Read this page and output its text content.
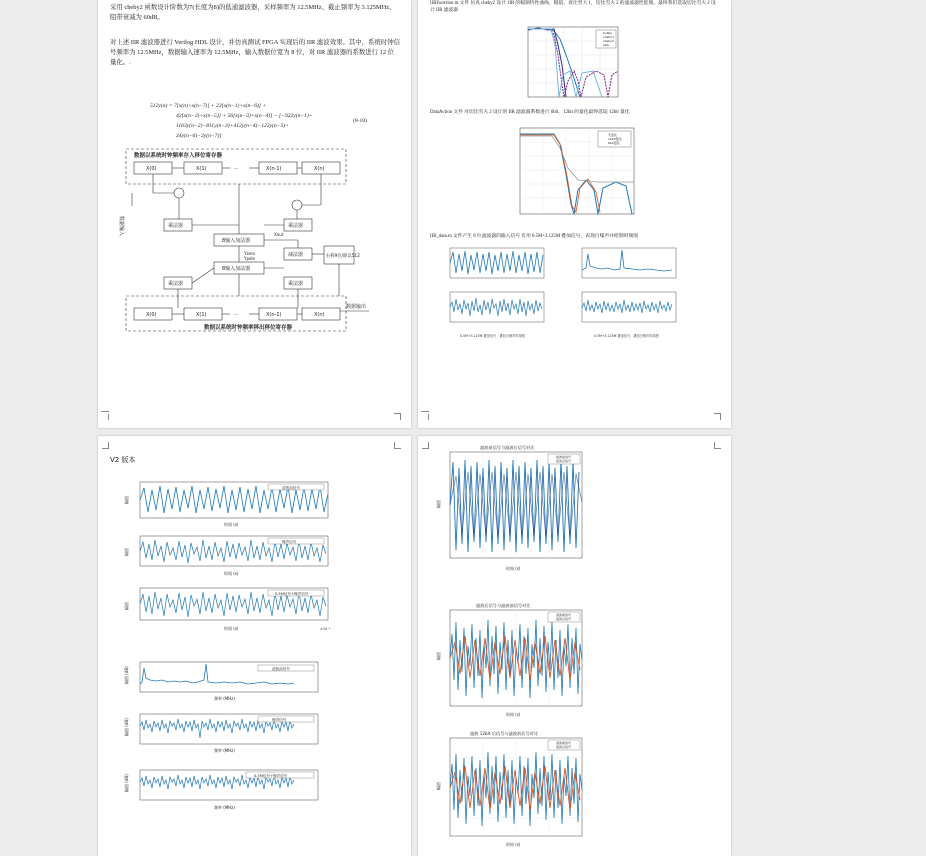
采用 cheby2 函数设计阶数为7(长度为8)的低通滤波器，采样频率为 12.5MHz、截止频率为 3.125MHz、阻带衰减为 60dB。
对上述 IIR 滤波器进行 Verilog HDL 设计，并仿真测试 FPGA 实现后的 IIR 滤波效果。其中，系统时钟信号频率为 12.5MHz，数据输入速率为 12.5MHz，输入数据位宽为 8 位，对 IIR 滤波器的系数进行 12 位量化。.
512y(n) = 7[x(n)+x(n−7)] + 23[x(n−1)+x(n−6)] +
42[x(n−2)+x(n−5)] + 56[x(n−3)+x(n−4)] − [−922y(n−1)+
1163y(n−2)−811y(n−3)+412y(n−4)−122y(n−5)+
24y(n−6)−2y(n−7)]
(8-10)
数据以系统时钟频率存入移位寄存器
数据以系统时钟频率移出移位寄存器
X(0)	X(1)	X(n-1)	X(n)
···
X(0)	X(1)	X(n-1)	X(n)
···
乘法器	乘法器
乘法器	乘法器
8输入加法器
8输入加法器
减法器	右移9位/除以512
数据输入
数据输出
Yzero
Ypole
Xout
IIRFunction.m 文件 仿真 cheby2 设计 1IR 的幅频特性曲线，幅值、衰比竖大 1，切比雪夫 2 的滤波器性能图。最终我们选取切比雪夫 2 设计 IIR 滤波器
butter
cheby1
cheby2
ellip
DataAction 文件 对切比雪夫 2 设计的 IIR 滤波器系数进行 6bit、12bit 的量化最终选取 12bit 量化
无量化
12bit量化
6bit量化
IIR_data.m 文件产生 8 位滤波器的输入信号 有用 0.5M+3.125M 叠加信号，表现白噪声并绘制时频图
0.5M+3.125M 叠加信号、叠加白噪声时频图	0.5M+3.125M 叠加信号、叠加白噪声时频图
V2 版本
滤波前信号
幅值
时间 (s)
噪声信号
幅值
时间 (s)
0.5M信号+噪声信号
幅值
时间 (s)	×10⁻⁶
滤波前信号
幅值 (dB)
频率 (MHz)
噪声信号
幅值 (dB)
频率 (MHz)
0.5M信号+噪声信号
幅值 (dB)
频率 (MHz)
滤波前信号与滤波后信号对比
滤波前信号
滤波后信号
幅值
时间 (s)
滤波后信号与滤波前信号对比
滤波前信号
滤波后信号
幅值
时间 (s)
滤波 12bit 后信号与滤波前信号对比
滤波前信号
滤波后信号
幅值
时间 (s)
